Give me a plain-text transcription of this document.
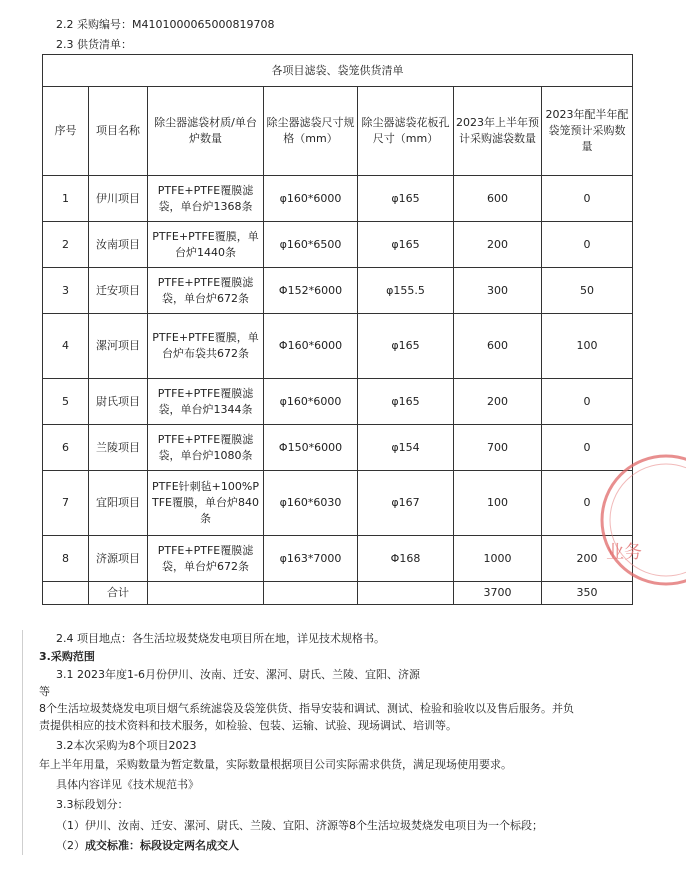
2.2 采购编号：M4101000065000819708
2.3 供货清单：
各项目滤袋、袋笼供货清单						
序号	项目名称	除尘器滤袋材质/单台炉数量	除尘器滤袋尺寸规格（mm）	除尘器滤袋花板孔尺寸（mm）	2023年上半年预计采购滤袋数量	2023年配半年配袋笼预计采购数量
1	伊川项目	PTFE+PTFE覆膜滤袋，单台炉1368条	φ160*6000	φ165	600	0
2	汝南项目	PTFE+PTFE覆膜，单台炉1440条	φ160*6500	φ165	200	0
3	迁安项目	PTFE+PTFE覆膜滤袋，单台炉672条	Φ152*6000	φ155.5	300	50
4	漯河项目	PTFE+PTFE覆膜，单台炉布袋共672条	Φ160*6000	φ165	600	100
5	尉氏项目	PTFE+PTFE覆膜滤袋，单台炉1344条	φ160*6000	φ165	200	0
6	兰陵项目	PTFE+PTFE覆膜滤袋，单台炉1080条	Φ150*6000	φ154	700	0
7	宜阳项目	PTFE针刺毡+100%PTFE覆膜，单台炉840条	φ160*6030	φ167	100	0
8	济源项目	PTFE+PTFE覆膜滤袋，单台炉672条	φ163*7000	Φ168	1000	200
	合计				3700	350
业务
2.4 项目地点：各生活垃圾焚烧发电项目所在地，详见技术规格书。
3.采购范围
3.1 2023年度1-6月份伊川、汝南、迁安、漯河、尉氏、兰陵、宜阳、济源
等
8个生活垃圾焚烧发电项目烟气系统滤袋及袋笼供货、指导安装和调试、测试、检验和验收以及售后服务。并负
责提供相应的技术资料和技术服务，如检验、包装、运输、试验、现场调试、培训等。
3.2本次采购为8个项目2023
年上半年用量，采购数量为暂定数量，实际数量根据项目公司实际需求供货，满足现场使用要求。
具体内容详见《技术规范书》
3.3标段划分：
（1）伊川、汝南、迁安、漯河、尉氏、兰陵、宜阳、济源等8个生活垃圾焚烧发电项目为一个标段；
（2）成交标准：标段设定两名成交人
